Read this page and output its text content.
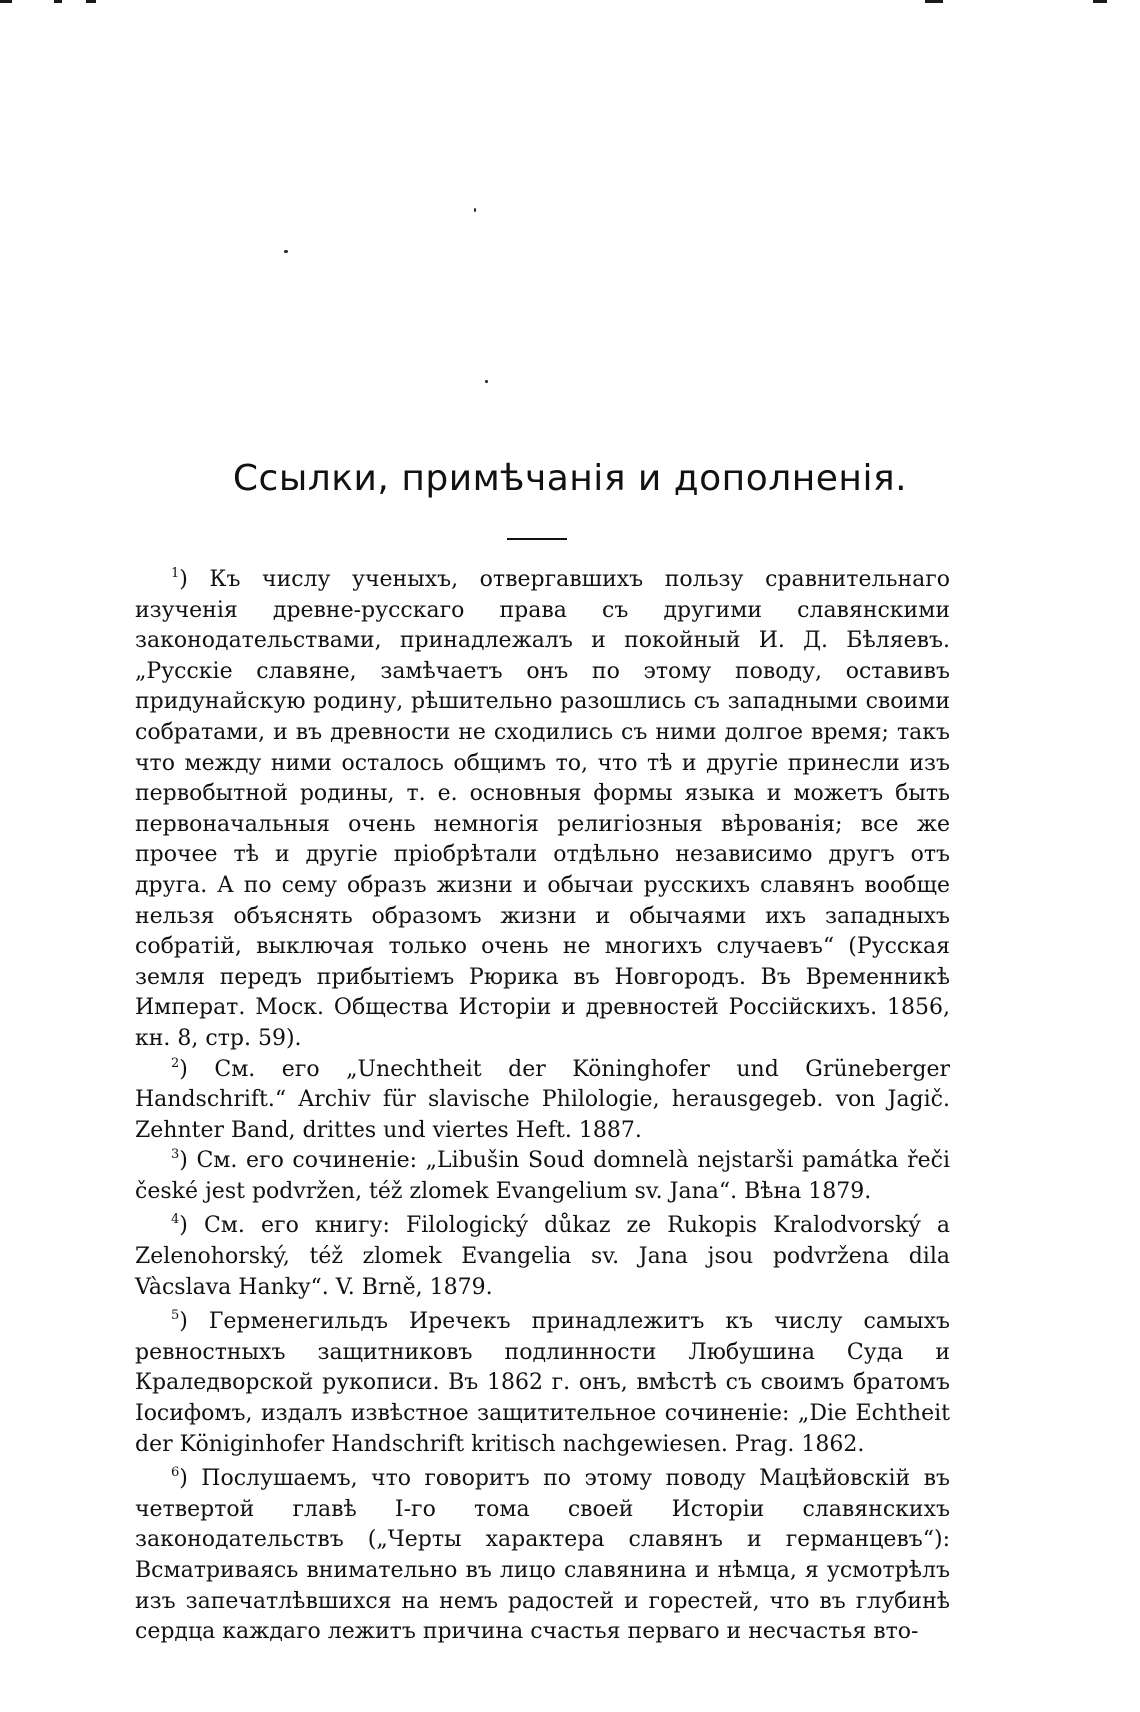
Ссылки, примѣчанія и дополненія.

$^1$) Къ числу ученыхъ, отвергавшихъ пользу сравнительнаго изученія древне-русскаго права съ другими славянскими законодательствами, принадлежалъ и покойный И. Д. Бѣляевъ. „Русскіе славяне, замѣчаетъ онъ по этому поводу, оставивъ придунайскую родину, рѣшительно разошлись съ западными своими собратами, и въ древности не сходились съ ними долгое время; такъ что между ними осталось общимъ то, что тѣ и другіе принесли изъ первобытной родины, т. е. основныя формы языка и можетъ быть первоначальныя очень немногія религіозныя вѣрованія; все же прочее тѣ и другіе пріобрѣтали отдѣльно независимо другъ отъ друга. А по сему образъ жизни и обычаи русскихъ славянъ вообще нельзя объяснять образомъ жизни и обычаями ихъ западныхъ собратій, выключая только очень не многихъ случаевъ“ (Русская земля передъ прибытіемъ Рюрика въ Новгородъ. Въ Временникѣ Императ. Моск. Общества Исторіи и древностей Россійскихъ. 1856, кн. 8, стр. 59).

$^2$) См. его „Unechtheit der Köninghofer und Grüneberger Handschrift.“ Archiv für slavische Philologie, herausgegeb. von Jagič. Zehnter Band, drittes und viertes Heft. 1887.

$^3$) См. его сочиненіе: „Libušin Soud domnelà nejstarši památka řeči české jest podvržen, též zlomek Evangelium sv. Jana“. Вѣна 1879.

$^4$) См. его книгу: Filologický důkaz ze Rukopis Kralodvorský a Zelenohorský, též zlomek Evangelia sv. Jana jsou podvržena dila Vàcslava Hanky“. V. Brně, 1879.

$^5$) Герменегильдъ Иречекъ принадлежитъ къ числу самыхъ ревностныхъ защитниковъ подлинности Любушина Суда и Краледворской рукописи. Въ 1862 г. онъ, вмѣстѣ съ своимъ братомъ Іосифомъ, издалъ извѣстное защитительное сочиненіе: „Die Echtheit der Königinhofer Handschrift kritisch nachgewiesen. Prag. 1862.

$^6$) Послушаемъ, что говоритъ по этому поводу Мацѣйовскій въ четвертой главѣ I-го тома своей Исторіи славянскихъ законодательствъ („Черты характера славянъ и германцевъ“): Всматриваясь внимательно въ лицо славянина и нѣмца, я усмотрѣлъ изъ запечатлѣвшихся на немъ радостей и горестей, что въ глубинѣ сердца каждаго лежитъ причина счастья перваго и несчастья вто-
